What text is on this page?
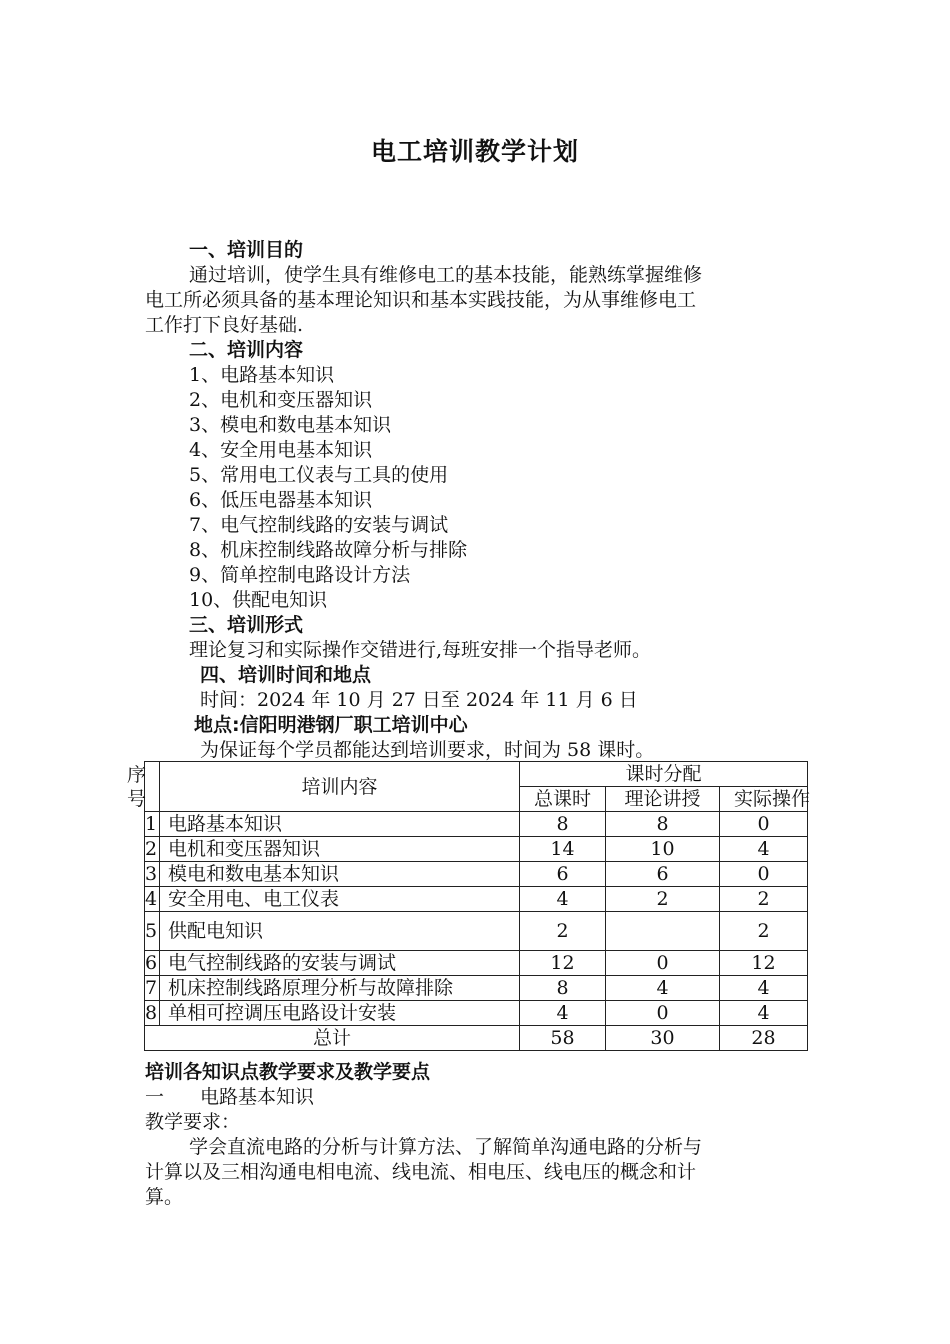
电工培训教学计划
一、培训目的
通过培训，使学生具有维修电工的基本技能，能熟练掌握维修
电工所必须具备的基本理论知识和基本实践技能，为从事维修电工
工作打下良好基础.
二、培训内容
1、电路基本知识
2、电机和变压器知识
3、模电和数电基本知识
4、安全用电基本知识
5、常用电工仪表与工具的使用
6、低压电器基本知识
7、电气控制线路的安装与调试
8、机床控制线路故障分析与排除
9、简单控制电路设计方法
10、供配电知识
三、培训形式
理论复习和实际操作交错进行,每班安排一个指导老师。
四、培训时间和地点
时间：2024 年 10 月 27 日至 2024 年 11 月 6 日
地点:信阳明港钢厂职工培训中心
为保证每个学员都能达到培训要求，时间为 58 课时。
序
号	培训内容	课时分配		
		总课时	理论讲授	实际操作
1	电路基本知识	8	8	0
2	电机和变压器知识	14	10	4
3	模电和数电基本知识	6	6	0
4	安全用电、电工仪表	4	2	2
5	供配电知识	2		2
6	电气控制线路的安装与调试	12	0	12
7	机床控制线路原理分析与故障排除	8	4	4
8	单相可控调压电路设计安装	4	0	4
总计		58	30	28
培训各知识点教学要求及教学要点
一 电路基本知识
教学要求：
学会直流电路的分析与计算方法、了解简单沟通电路的分析与
计算以及三相沟通电相电流、线电流、相电压、线电压的概念和计
算。
